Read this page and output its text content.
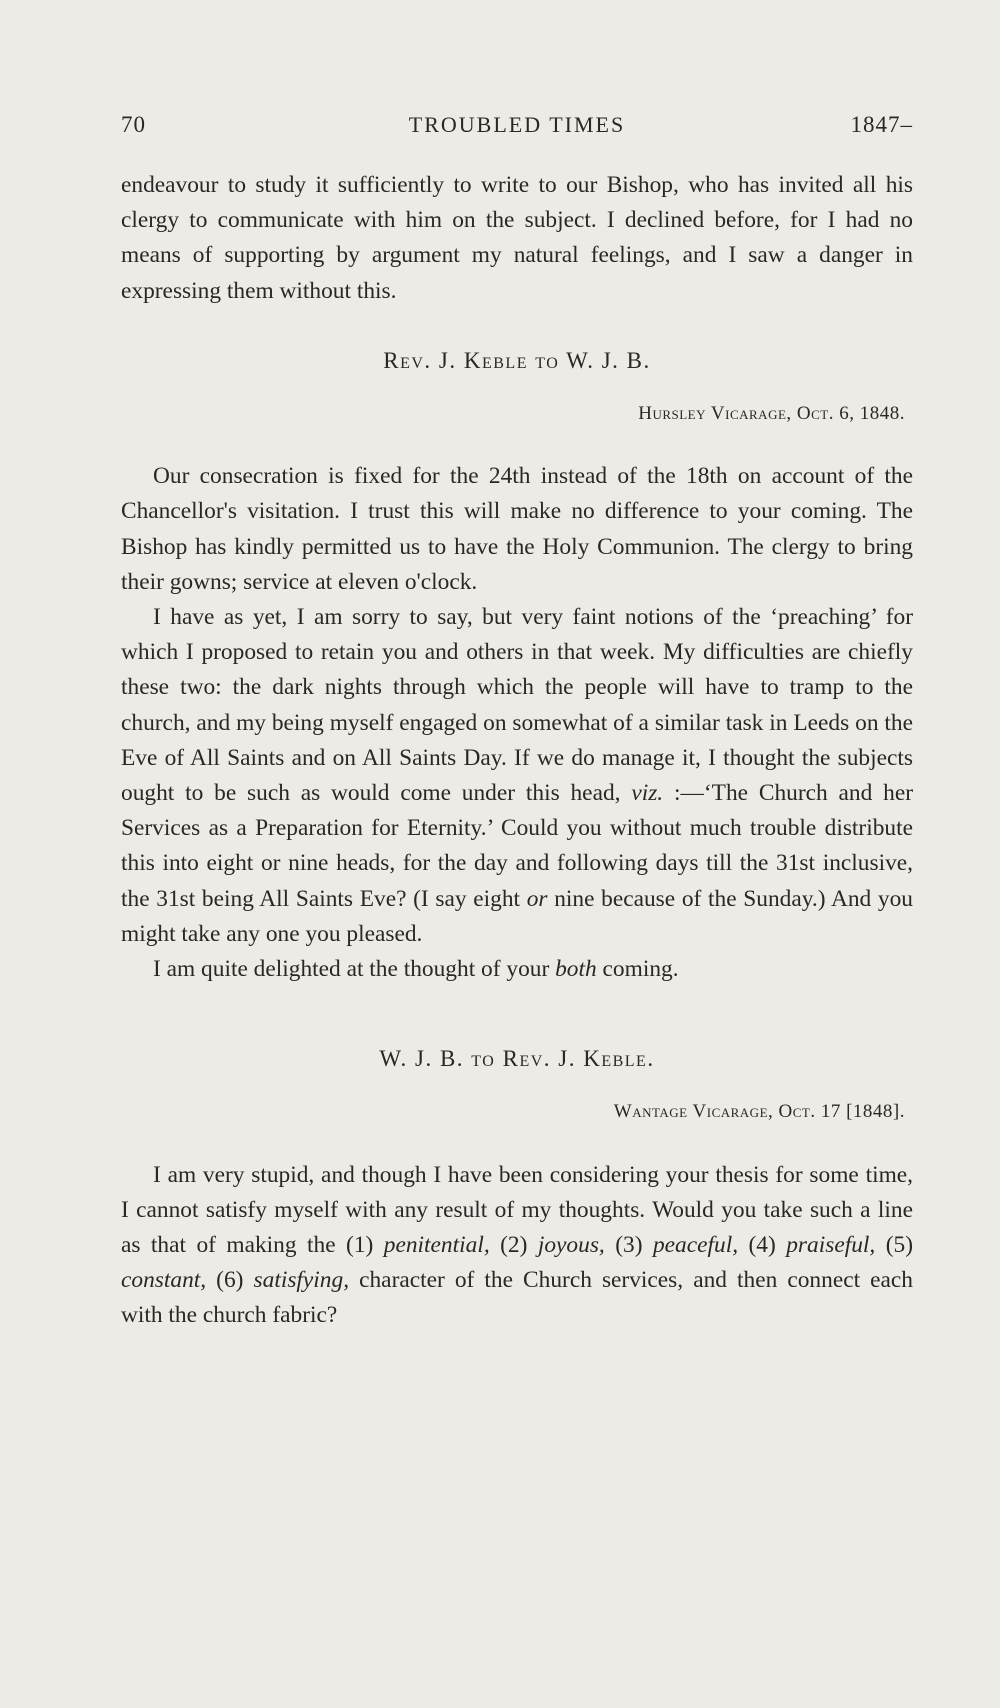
70	TROUBLED TIMES	1847–

endeavour to study it sufficiently to write to our Bishop, who has invited all his clergy to communicate with him on the subject. I declined before, for I had no means of supporting by argument my natural feelings, and I saw a danger in expressing them without this.

Rev. J. Keble to W. J. B.
Hursley Vicarage, Oct. 6, 1848.

Our consecration is fixed for the 24th instead of the 18th on account of the Chancellor's visitation. I trust this will make no difference to your coming. The Bishop has kindly permitted us to have the Holy Communion. The clergy to bring their gowns; service at eleven o'clock.

I have as yet, I am sorry to say, but very faint notions of the ‘preaching’ for which I proposed to retain you and others in that week. My difficulties are chiefly these two: the dark nights through which the people will have to tramp to the church, and my being myself engaged on somewhat of a similar task in Leeds on the Eve of All Saints and on All Saints Day. If we do manage it, I thought the subjects ought to be such as would come under this head, viz. :—‘The Church and her Services as a Preparation for Eternity.’ Could you without much trouble distribute this into eight or nine heads, for the day and following days till the 31st inclusive, the 31st being All Saints Eve? (I say eight or nine because of the Sunday.) And you might take any one you pleased.

I am quite delighted at the thought of your both coming.

W. J. B. to Rev. J. Keble.
Wantage Vicarage, Oct. 17 [1848].

I am very stupid, and though I have been considering your thesis for some time, I cannot satisfy myself with any result of my thoughts. Would you take such a line as that of making the (1) penitential, (2) joyous, (3) peaceful, (4) praiseful, (5) constant, (6) satisfying, character of the Church services, and then connect each with the church fabric?
